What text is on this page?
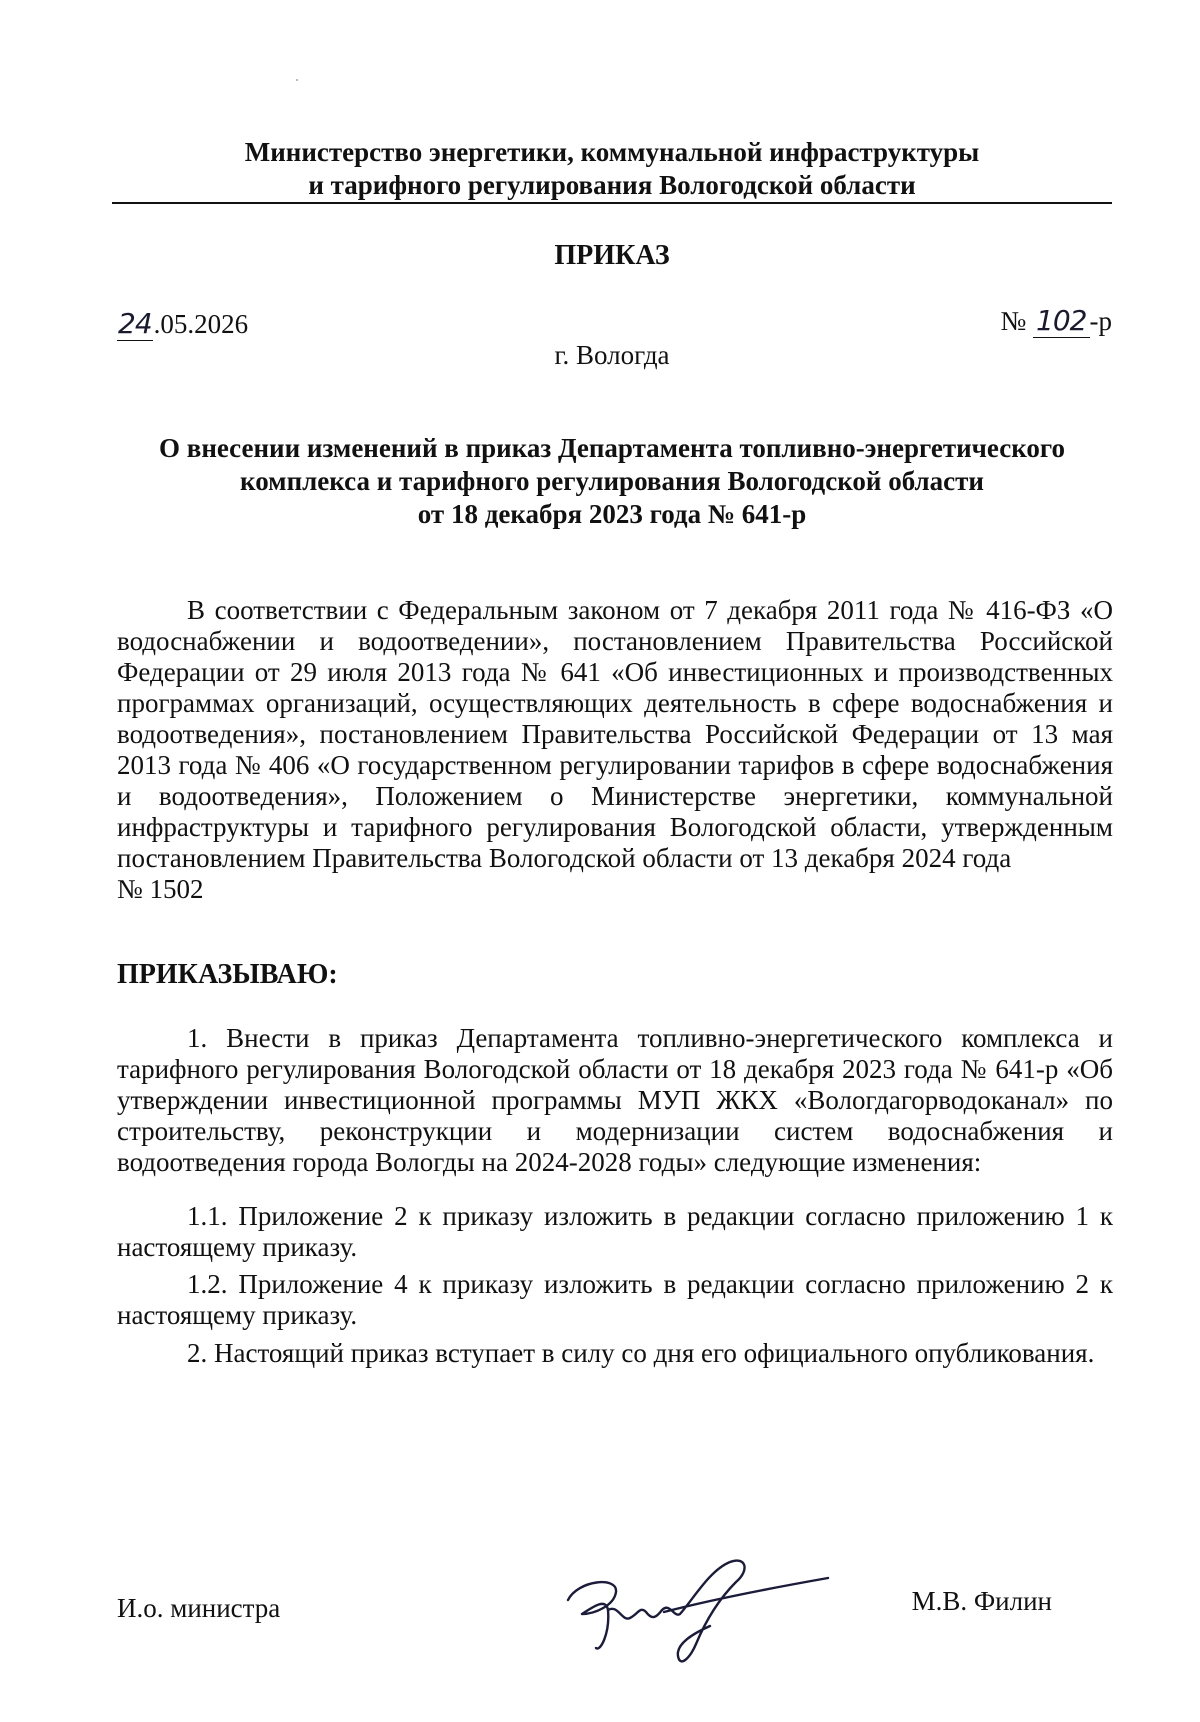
Министерство энергетики, коммунальной инфраструктуры
и тарифного регулирования Вологодской области
ПРИКАЗ
24.05.2026	№ 102 -р
г. Вологда
О внесении изменений в приказ Департамента топливно-энергетического
комплекса и тарифного регулирования Вологодской области
от 18 декабря 2023 года № 641-р
В соответствии с Федеральным законом от 7 декабря 2011 года № 416-ФЗ «О водоснабжении и водоотведении», постановлением Правительства Российской Федерации от 29 июля 2013 года № 641 «Об инвестиционных и производственных программах организаций, осуществляющих деятельность в сфере водоснабжения и водоотведения», постановлением Правительства Российской Федерации от 13 мая 2013 года № 406 «О государственном регулировании тарифов в сфере водоснабжения и водоотведения», Положением о Министерстве энергетики, коммунальной инфраструктуры и тарифного регулирования Вологодской области, утвержденным постановлением Правительства Вологодской области от 13 декабря 2024 года
№ 1502
ПРИКАЗЫВАЮ:
1. Внести в приказ Департамента топливно-энергетического комплекса и тарифного регулирования Вологодской области от 18 декабря 2023 года № 641-р «Об утверждении инвестиционной программы МУП ЖКХ «Вологдагорводоканал» по строительству, реконструкции и модернизации систем водоснабжения и водоотведения города Вологды на 2024-2028 годы» следующие изменения:
1.1. Приложение 2 к приказу изложить в редакции согласно приложению 1 к настоящему приказу.
1.2. Приложение 4 к приказу изложить в редакции согласно приложению 2 к настоящему приказу.
2. Настоящий приказ вступает в силу со дня его официального опубликования.
И.о. министра	М.В. Филин
